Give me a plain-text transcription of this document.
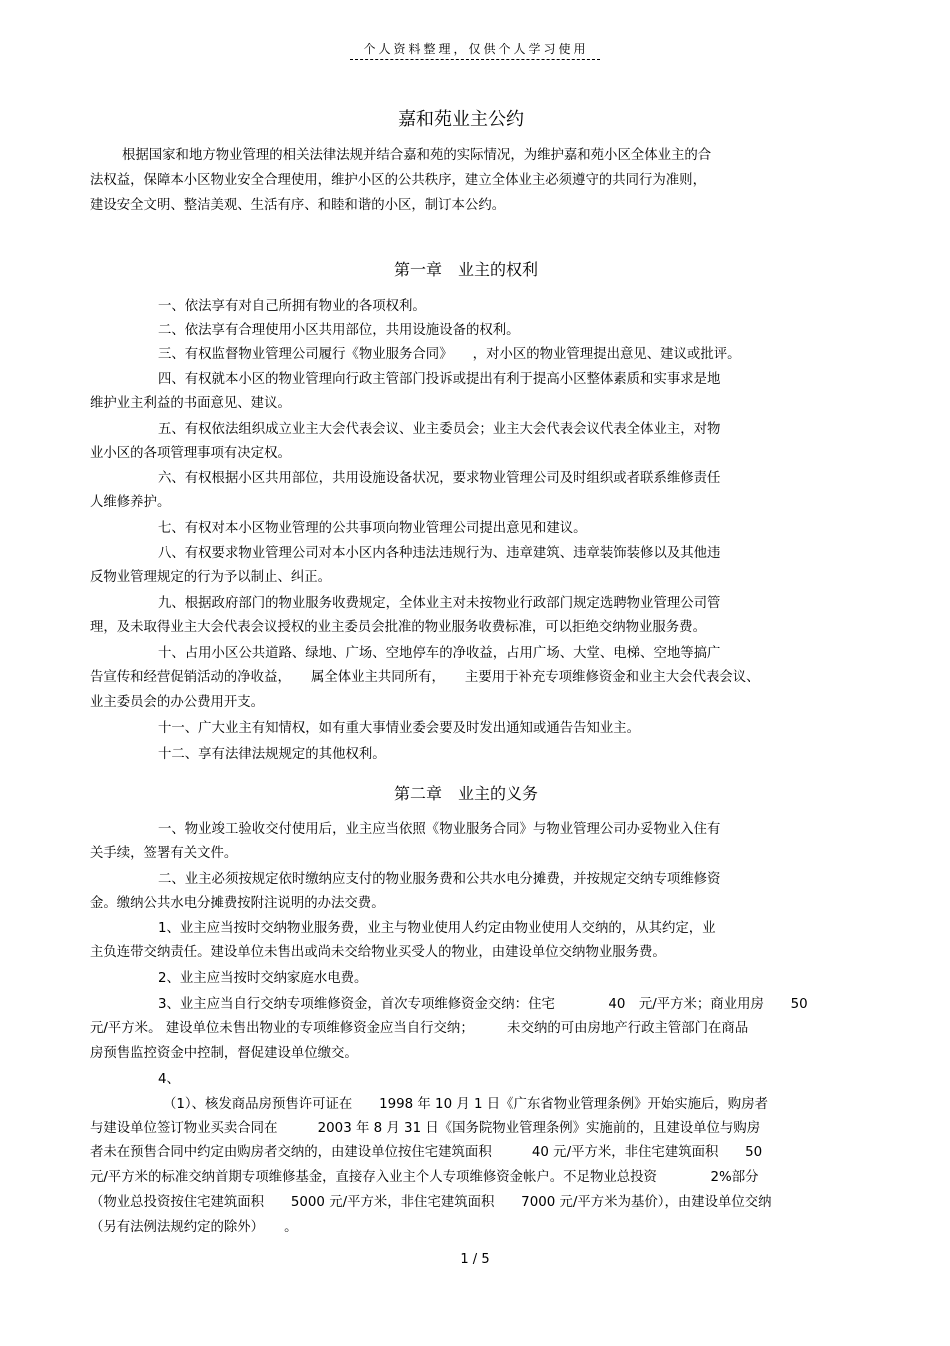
个人资料整理，仅供个人学习使用
嘉和苑业主公约
根据国家和地方物业管理的相关法律法规并结合嘉和苑的实际情况，为维护嘉和苑小区全体业主的合
法权益，保障本小区物业安全合理使用，维护小区的公共秩序，建立全体业主必须遵守的共同行为准则，
建设安全文明、整洁美观、生活有序、和睦和谐的小区，制订本公约。
第一章　业主的权利
一、依法享有对自己所拥有物业的各项权利。
二、依法享有合理使用小区共用部位，共用设施设备的权利。
三、有权监督物业管理公司履行《物业服务合同》　　，对小区的物业管理提出意见、建议或批评。
四、有权就本小区的物业管理向行政主管部门投诉或提出有利于提高小区整体素质和实事求是地
维护业主利益的书面意见、建议。
五、有权依法组织成立业主大会代表会议、业主委员会；业主大会代表会议代表全体业主，对物
业小区的各项管理事项有决定权。
六、有权根据小区共用部位，共用设施设备状况，要求物业管理公司及时组织或者联系维修责任
人维修养护。
七、有权对本小区物业管理的公共事项向物业管理公司提出意见和建议。
八、有权要求物业管理公司对本小区内各种违法违规行为、违章建筑、违章装饰装修以及其他违
反物业管理规定的行为予以制止、纠正。
九、根据政府部门的物业服务收费规定，全体业主对未按物业行政部门规定选聘物业管理公司管
理，及未取得业主大会代表会议授权的业主委员会批准的物业服务收费标准，可以拒绝交纳物业服务费。
十、占用小区公共道路、绿地、广场、空地停车的净收益，占用广场、大堂、电梯、空地等搞广
告宣传和经营促销活动的净收益，　　属全体业主共同所有，　　主要用于补充专项维修资金和业主大会代表会议、
业主委员会的办公费用开支。
十一、广大业主有知情权，如有重大事情业委会要及时发出通知或通告告知业主。
十二、享有法律法规规定的其他权利。
第二章　业主的义务
一、物业竣工验收交付使用后，业主应当依照《物业服务合同》与物业管理公司办妥物业入住有
关手续，签署有关文件。
二、业主必须按规定依时缴纳应支付的物业服务费和公共水电分摊费，并按规定交纳专项维修资
金。缴纳公共水电分摊费按附注说明的办法交费。
1、业主应当按时交纳物业服务费，业主与物业使用人约定由物业使用人交纳的，从其约定，业
主负连带交纳责任。建设单位未售出或尚未交给物业买受人的物业，由建设单位交纳物业服务费。
2、业主应当按时交纳家庭水电费。
3、业主应当自行交纳专项维修资金，首次专项维修资金交纳：住宅　　　　40　元/平方米；商业用房　　50
元/平方米。 建设单位未售出物业的专项维修资金应当自行交纳；　　　未交纳的可由房地产行政主管部门在商品
房预售监控资金中控制，督促建设单位缴交。
4、
（1）、核发商品房预售许可证在　　1998 年 10 月 1 日《广东省物业管理条例》开始实施后，购房者
与建设单位签订物业买卖合同在　　　2003 年 8 月 31 日《国务院物业管理条例》实施前的，且建设单位与购房
者未在预售合同中约定由购房者交纳的，由建设单位按住宅建筑面积　　　40 元/平方米，非住宅建筑面积　　50
元/平方米的标准交纳首期专项维修基金，直接存入业主个人专项维修资金帐户。不足物业总投资　　　　2%部分
（物业总投资按住宅建筑面积　　5000 元/平方米，非住宅建筑面积　　7000 元/平方米为基价），由建设单位交纳
（另有法例法规约定的除外）　　。
1 / 5
